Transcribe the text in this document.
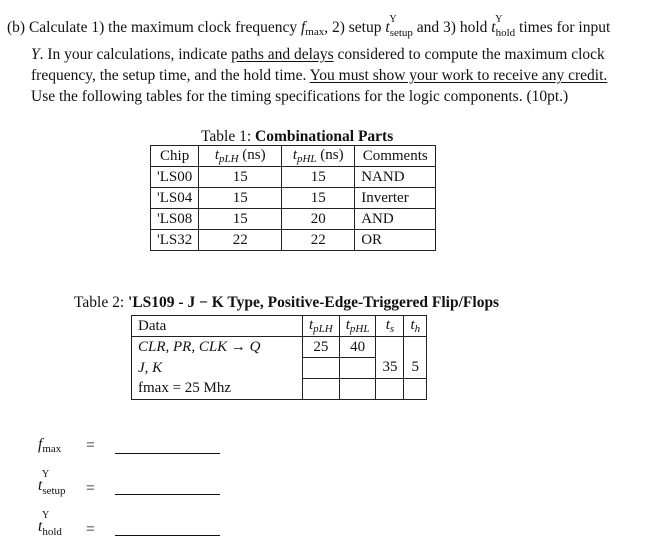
(b) Calculate 1) the maximum clock frequency $f_{max}$, 2) setup t Y
$_{setup}$ and 3) hold t Y
$_{hold}$ times for input
Y. In your calculations, indicate paths and delays considered to compute the maximum clock
frequency, the setup time, and the hold time. You must show your work to receive any credit.
Use the following tables for the timing specifications for the logic components. (10pt.)
Table 1: Combinational Parts
Chip	$t_{pLH}$ (ns)	$t_{pHL}$ (ns)	Comments
'LS00	15	15	NAND
'LS04	15	15	Inverter
'LS08	15	20	AND
'LS32	22	22	OR
Table 2: 'LS109 - J − K Type, Positive-Edge-Triggered Flip/Flops
Data	$t_{pLH}$	$t_{pHL}$	$t_s$	$t_h$
CLR, PR, CLK → Q	25	40		
J, K			35	5
fmax = 25 Mhz				
$f_{max}$ =
t
Y
$_{setup}$ =
t
Y
$_{hold}$ =
